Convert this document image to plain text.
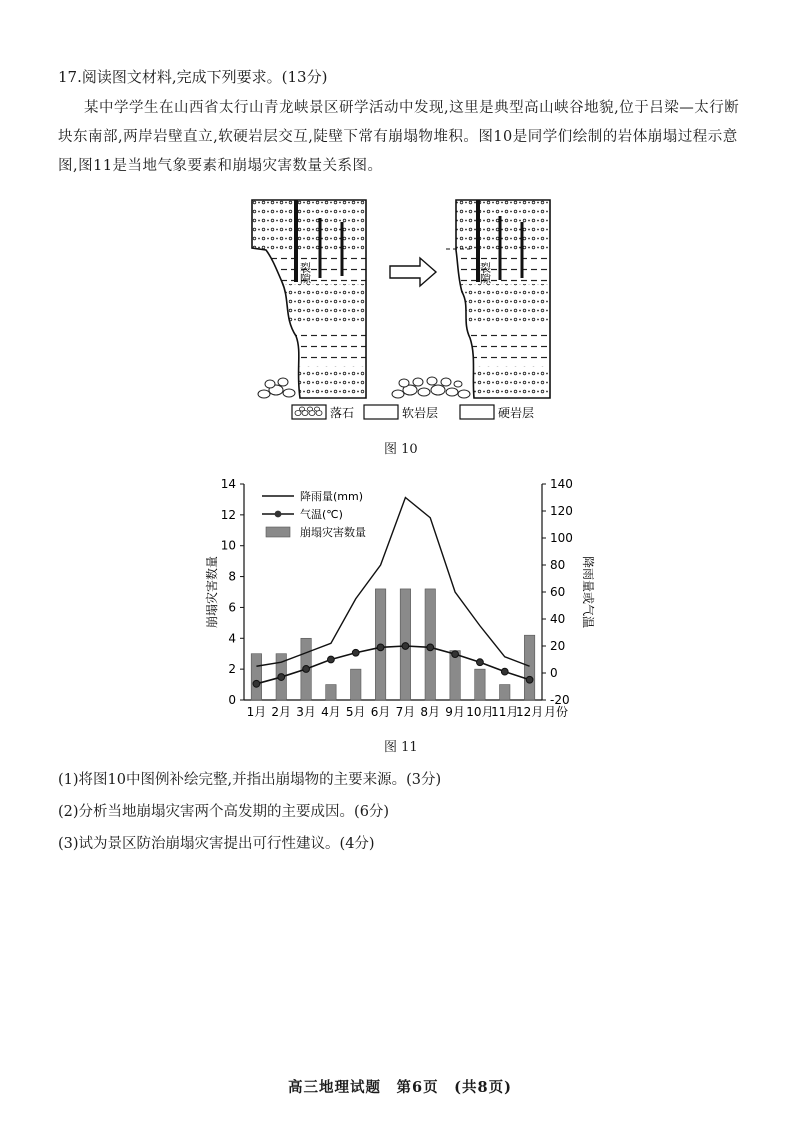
17.阅读图文材料,完成下列要求。(13分)
某中学学生在山西省太行山青龙峡景区研学活动中发现,这里是典型高山峡谷地貌,位于吕梁—太行断块东南部,两岸岩壁直立,软硬岩层交互,陡壁下常有崩塌物堆积。图10是同学们绘制的岩体崩塌过程示意图,图11是当地气象要素和崩塌灾害数量关系图。
裂隙	裂隙
落石	软岩层	硬岩层
图 10
0
2
4
6
8
10
12
14
-20
0
20
40
60
80
100
120
140
崩塌灾害数量	降雨量或气温
1月 2月 3月 4月 5月 6月 7月 8月 9月 10月
11月
12月 月份
降雨量(mm)
气温(℃)
崩塌灾害数量
图 11
(1)将图10中图例补绘完整,并指出崩塌物的主要来源。(3分)
(2)分析当地崩塌灾害两个高发期的主要成因。(6分)
(3)试为景区防治崩塌灾害提出可行性建议。(4分)
高三地理试题　第6页　(共8页)
